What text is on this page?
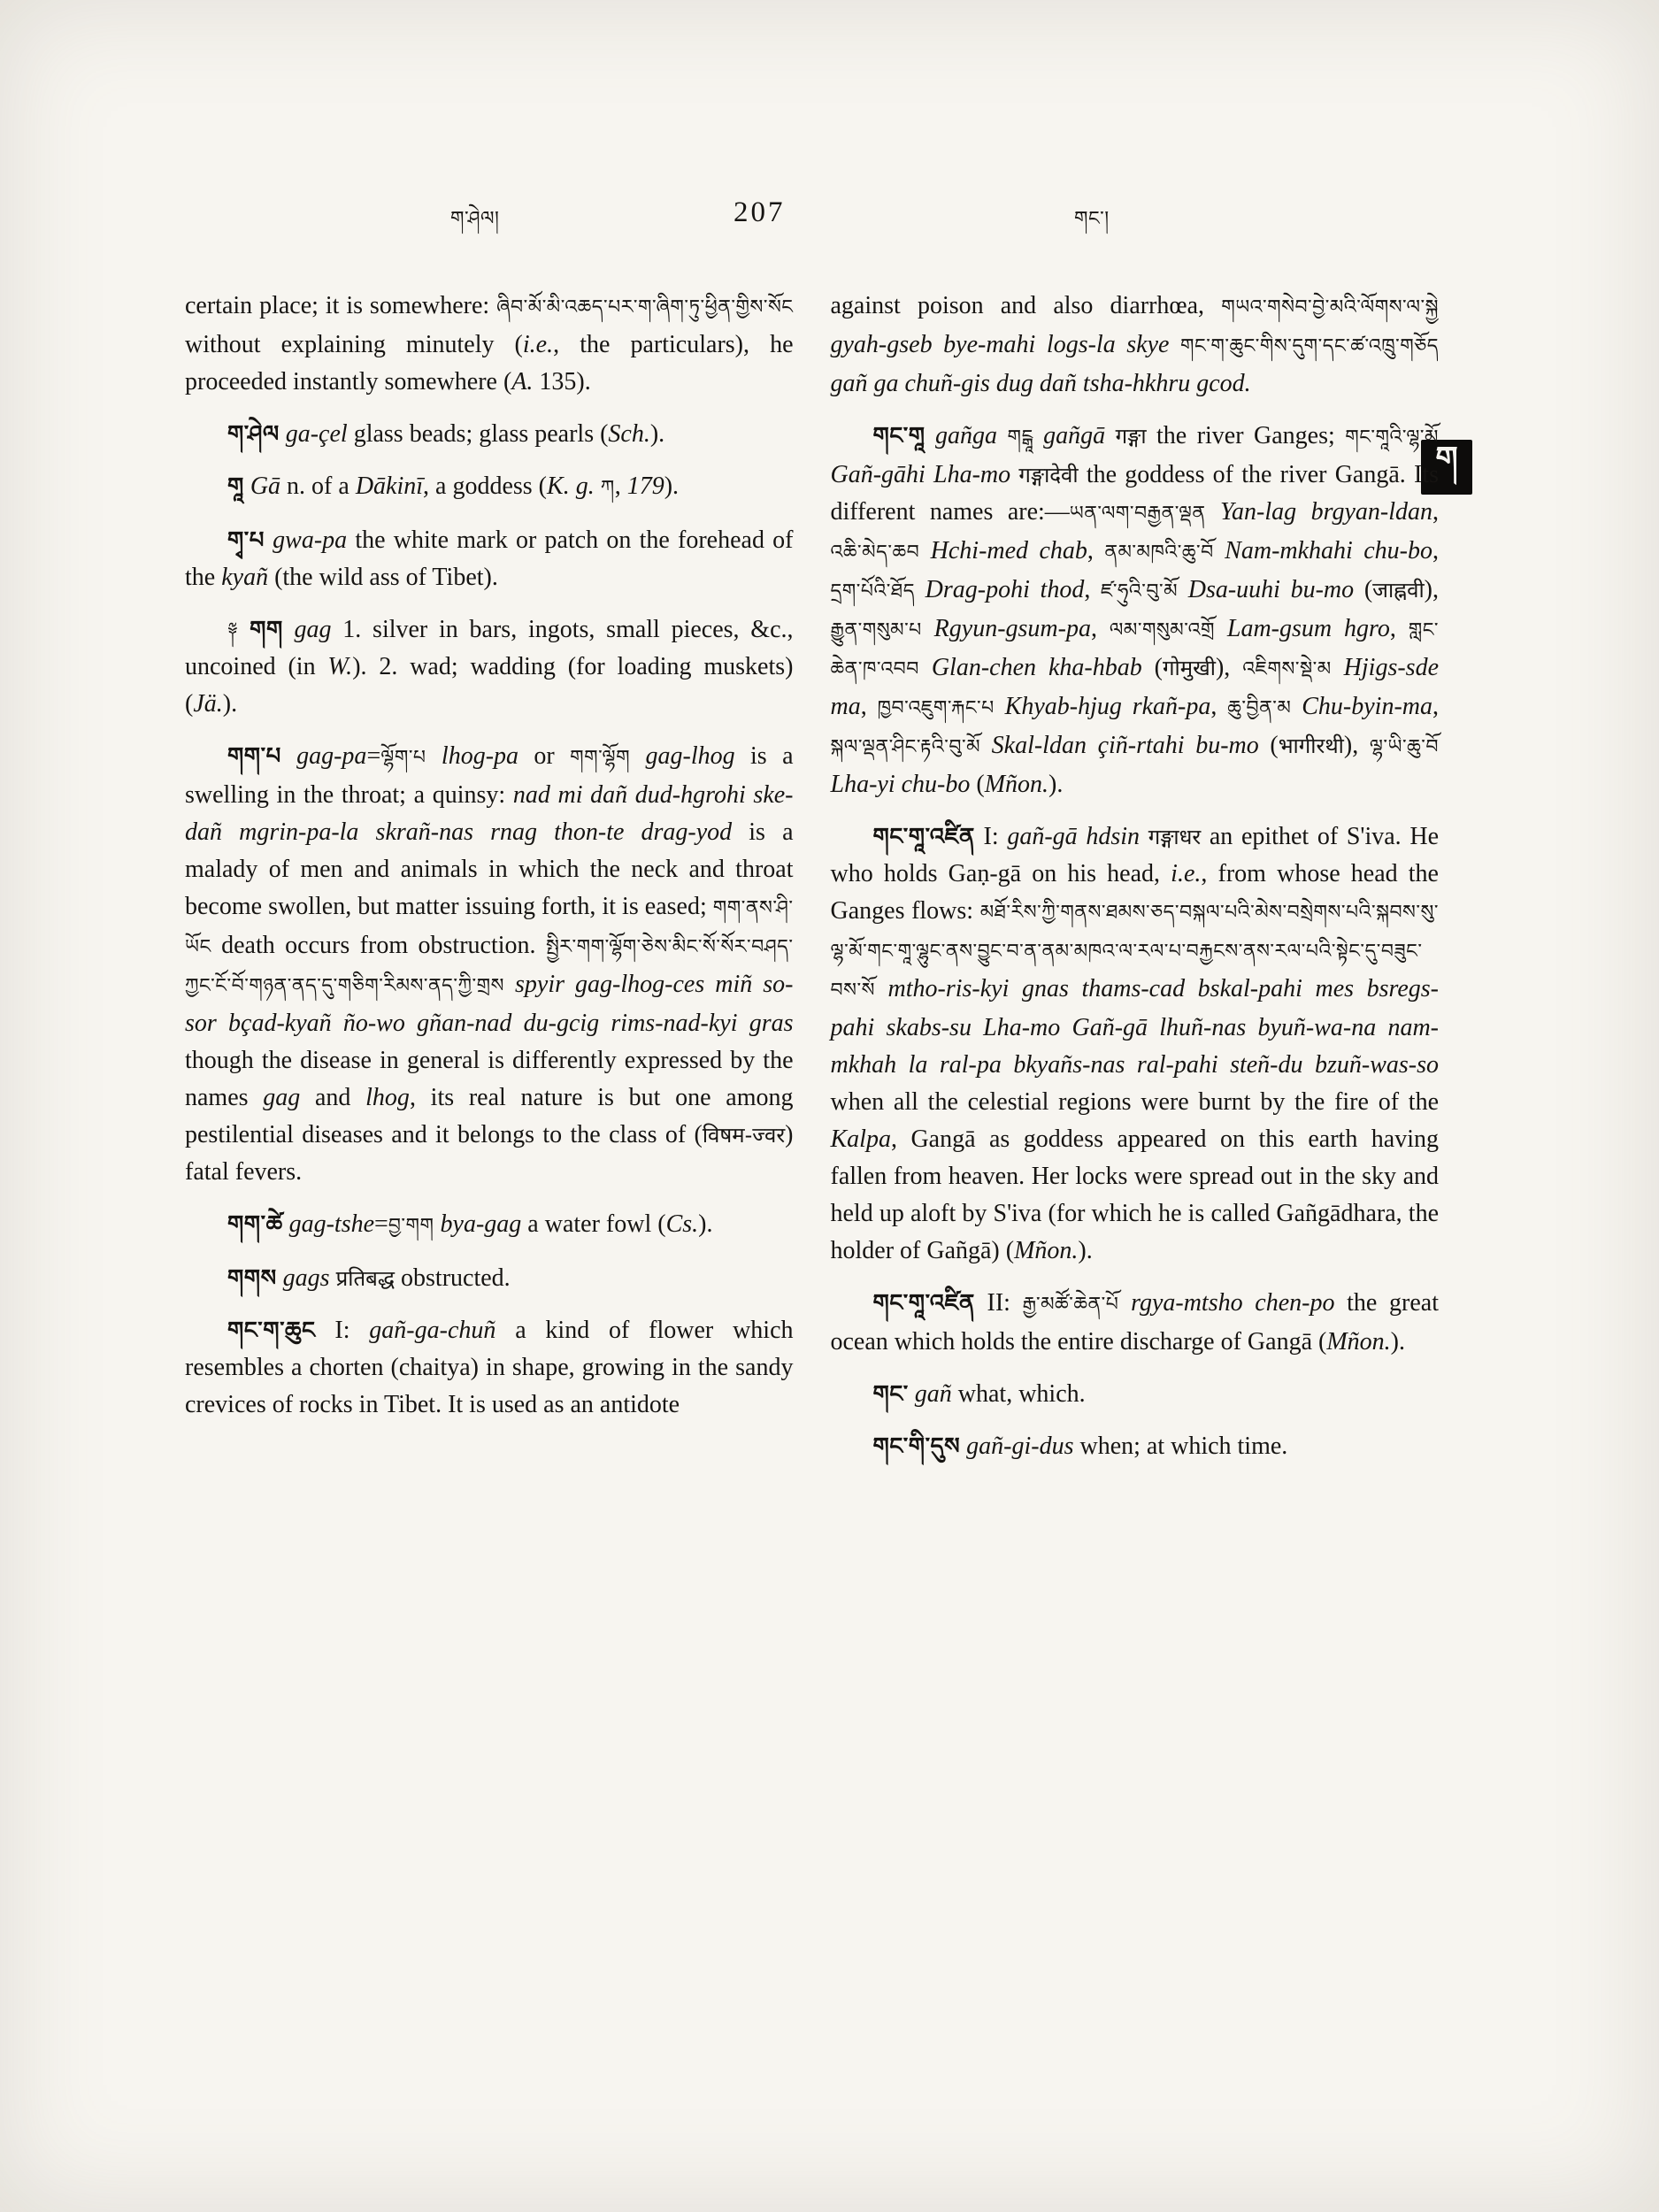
ག་ཤེལ།	207	གང་།
ག

certain place; it is somewhere: ཞིབ་མོ་མི་འཆད་པར་ག་ཞིག་ཏུ་ཕྱིན་གྱིས་སོང without explaining minutely (i.e., the particulars), he proceeded instantly somewhere (A. 135).

ག་ཤེལ ga-çel glass beads; glass pearls (Sch.).

གཱ Gā n. of a Dākinī, a goddess (K. g. ཀ, 179).

གྭ་པ gwa-pa the white mark or patch on the forehead of the kyañ (the wild ass of Tibet).

༈ གག gag 1. silver in bars, ingots, small pieces, &c., uncoined (in W.). 2. wad; wadding (for loading muskets) (Jä.).

གག་པ gag-pa=ལྷོག་པ lhog-pa or གག་ལྷོག gag-lhog is a swelling in the throat; a quinsy: nad mi dañ dud-hgrohi ske-dañ mgrin-pa-la skrañ-nas rnag thon-te drag-yod is a malady of men and animals in which the neck and throat become swollen, but matter issuing forth, it is eased; གག་ནས་ཤི་ཡོང death occurs from obstruction. སྤྱིར་གག་ལྷོག་ཅེས་མིང་སོ་སོར་བཤད་ཀྱང་ངོ་བོ་གཉན་ནད་དུ་གཅིག་རིམས་ནད་ཀྱི་གྲས spyir gag-lhog-ces miñ so-sor bçad-kyañ ño-wo gñan-nad du-gcig rims-nad-kyi gras though the disease in general is differently expressed by the names gag and lhog, its real nature is but one among pestilential diseases and it belongs to the class of (विषम-ज्वर) fatal fevers.

གག་ཚེ gag-tshe=བྱ་གག bya-gag a water fowl (Cs.).

གགས gags प्रतिबद्ध obstructed.

གང་ག་ཆུང I: gañ-ga-chuñ a kind of flower which resembles a chorten (chaitya) in shape, growing in the sandy crevices of rocks in Tibet. It is used as an antidote

against poison and also diarrhœa, གཡའ་གསེབ་བྱེ་མའི་ལོགས་ལ་སྐྱེ gyah-gseb bye-mahi logs-la skye གང་ག་ཆུང་གིས་དུག་དང་ཚ་འཁྲུ་གཅོད gañ ga chuñ-gis dug dañ tsha-hkhru gcod.

གང་གཱ gañga གངྒཱ gañgā गङ्गा the river Ganges; གང་གཱའི་ལྷ་མོ Gañ-gāhi Lha-mo गङ्गादेवी the goddess of the river Gangā. Its different names are:—ཡན་ལག་བརྒྱན་ལྡན Yan-lag brgyan-ldan, འཆི་མེད་ཆབ Hchi-med chab, ནམ་མཁའི་ཆུ་བོ Nam-mkhahi chu-bo, དྲག་པོའི་ཐོད Drag-pohi thod, ཛ་ཧུའི་བུ་མོ Dsa-uuhi bu-mo (जाह्नवी), རྒྱུན་གསུམ་པ Rgyun-gsum-pa, ལམ་གསུམ་འགྲོ Lam-gsum hgro, གླང་ཆེན་ཁ་འབབ Glan-chen kha-hbab (गोमुखी), འཇིགས་སྡེ་མ Hjigs-sde ma, ཁྱབ་འཇུག་རྐང་པ Khyab-hjug rkañ-pa, ཆུ་བྱིན་མ Chu-byin-ma, སྐལ་ལྡན་ཤིང་རྟའི་བུ་མོ Skal-ldan çiñ-rtahi bu-mo (भागीरथी), ལྷ་ཡི་ཆུ་བོ Lha-yi chu-bo (Mñon.).

གང་གཱ་འཛིན I: gañ-gā hdsin गङ्गाधर an epithet of S'iva. He who holds Gaṇ-gā on his head, i.e., from whose head the Ganges flows: མཐོ་རིས་ཀྱི་གནས་ཐམས་ཅད་བསྐལ་པའི་མེས་བསྲེགས་པའི་སྐབས་སུ་ལྷ་མོ་གང་གཱ་ལྷུང་ནས་བྱུང་བ་ན་ནམ་མཁའ་ལ་རལ་པ་བརྐྱངས་ནས་རལ་པའི་སྟེང་དུ་བཟུང་བས་སོ mtho-ris-kyi gnas thams-cad bskal-pahi mes bsregs-pahi skabs-su Lha-mo Gañ-gā lhuñ-nas byuñ-wa-na nam-mkhah la ral-pa bkyañs-nas ral-pahi steñ-du bzuñ-was-so when all the celestial regions were burnt by the fire of the Kalpa, Gangā as goddess appeared on this earth having fallen from heaven. Her locks were spread out in the sky and held up aloft by S'iva (for which he is called Gañgādhara, the holder of Gañgā) (Mñon.).

གང་གཱ་འཛིན II: རྒྱ་མཚོ་ཆེན་པོ rgya-mtsho chen-po the great ocean which holds the entire discharge of Gangā (Mñon.).

གང་ gañ what, which.

གང་གི་དུས gañ-gi-dus when; at which time.
